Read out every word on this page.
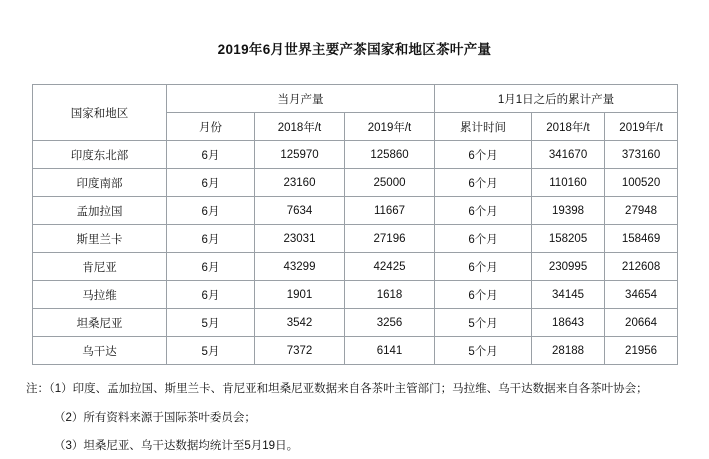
2019年6月世界主要产茶国家和地区茶叶产量
国家和地区	当月产量			1月1日之后的累计产量		
	月份	2018年/t	2019年/t	累计时间	2018年/t	2019年/t
印度东北部	6月	125970	125860	6个月	341670	373160
印度南部	6月	23160	25000	6个月	110160	100520
孟加拉国	6月	7634	11667	6个月	19398	27948
斯里兰卡	6月	23031	27196	6个月	158205	158469
肯尼亚	6月	43299	42425	6个月	230995	212608
马拉维	6月	1901	1618	6个月	34145	34654
坦桑尼亚	5月	3542	3256	5个月	18643	20664
乌干达	5月	7372	6141	5个月	28188	21956
注：（1）印度、孟加拉国、斯里兰卡、肯尼亚和坦桑尼亚数据来自各茶叶主管部门；马拉维、乌干达数据来自各茶叶协会；
（2）所有资料来源于国际茶叶委员会；
（3）坦桑尼亚、乌干达数据均统计至5月19日。
